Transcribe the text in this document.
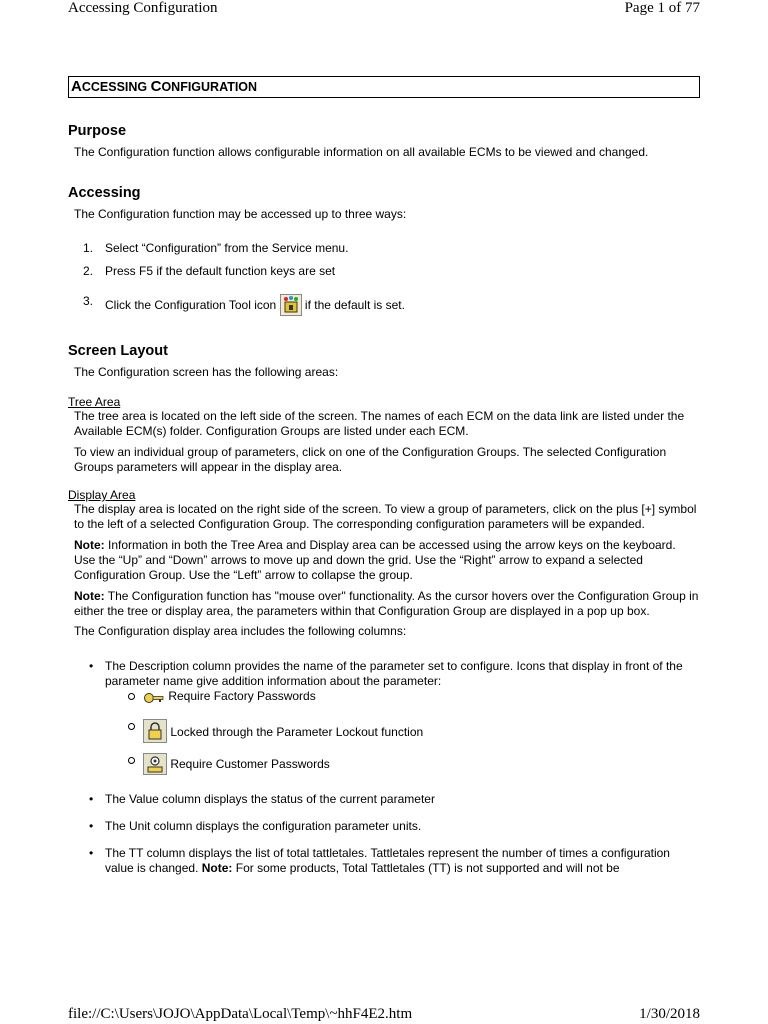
Accessing Configuration	Page 1 of 77
ACCESSING CONFIGURATION
Purpose

The Configuration function allows configurable information on all available ECMs to be viewed and changed.

Accessing

The Configuration function may be accessed up to three ways:

1. Select “Configuration” from the Service menu.
2. Press F5 if the default function keys are set
3. Click the Configuration Tool icon if the default is set.
Screen Layout

The Configuration screen has the following areas:

Tree Area

The tree area is located on the left side of the screen. The names of each ECM on the data link are listed under the Available ECM(s) folder. Configuration Groups are listed under each ECM.

To view an individual group of parameters, click on one of the Configuration Groups. The selected Configuration Groups parameters will appear in the display area.

Display Area

The display area is located on the right side of the screen. To view a group of parameters, click on the plus [+] symbol to the left of a selected Configuration Group. The corresponding configuration parameters will be expanded.

Note: Information in both the Tree Area and Display area can be accessed using the arrow keys on the keyboard. Use the “Up” and “Down” arrows to move up and down the grid. Use the “Right” arrow to expand a selected Configuration Group. Use the “Left” arrow to collapse the group.

Note: The Configuration function has "mouse over" functionality. As the cursor hovers over the Configuration Group in either the tree or display area, the parameters within that Configuration Group are displayed in a pop up box.

The Configuration display area includes the following columns:

• The Description column provides the name of the parameter set to configure. Icons that display in front of the parameter name give addition information about the parameter:
Require Factory Passwords
Locked through the Parameter Lockout function
Require Customer Passwords
• The Value column displays the status of the current parameter
• The Unit column displays the configuration parameter units.
• The TT column displays the list of total tattletales. Tattletales represent the number of times a configuration value is changed. Note: For some products, Total Tattletales (TT) is not supported and will not be
file://C:\Users\JOJO\AppData\Local\Temp\~hhF4E2.htm	1/30/2018
